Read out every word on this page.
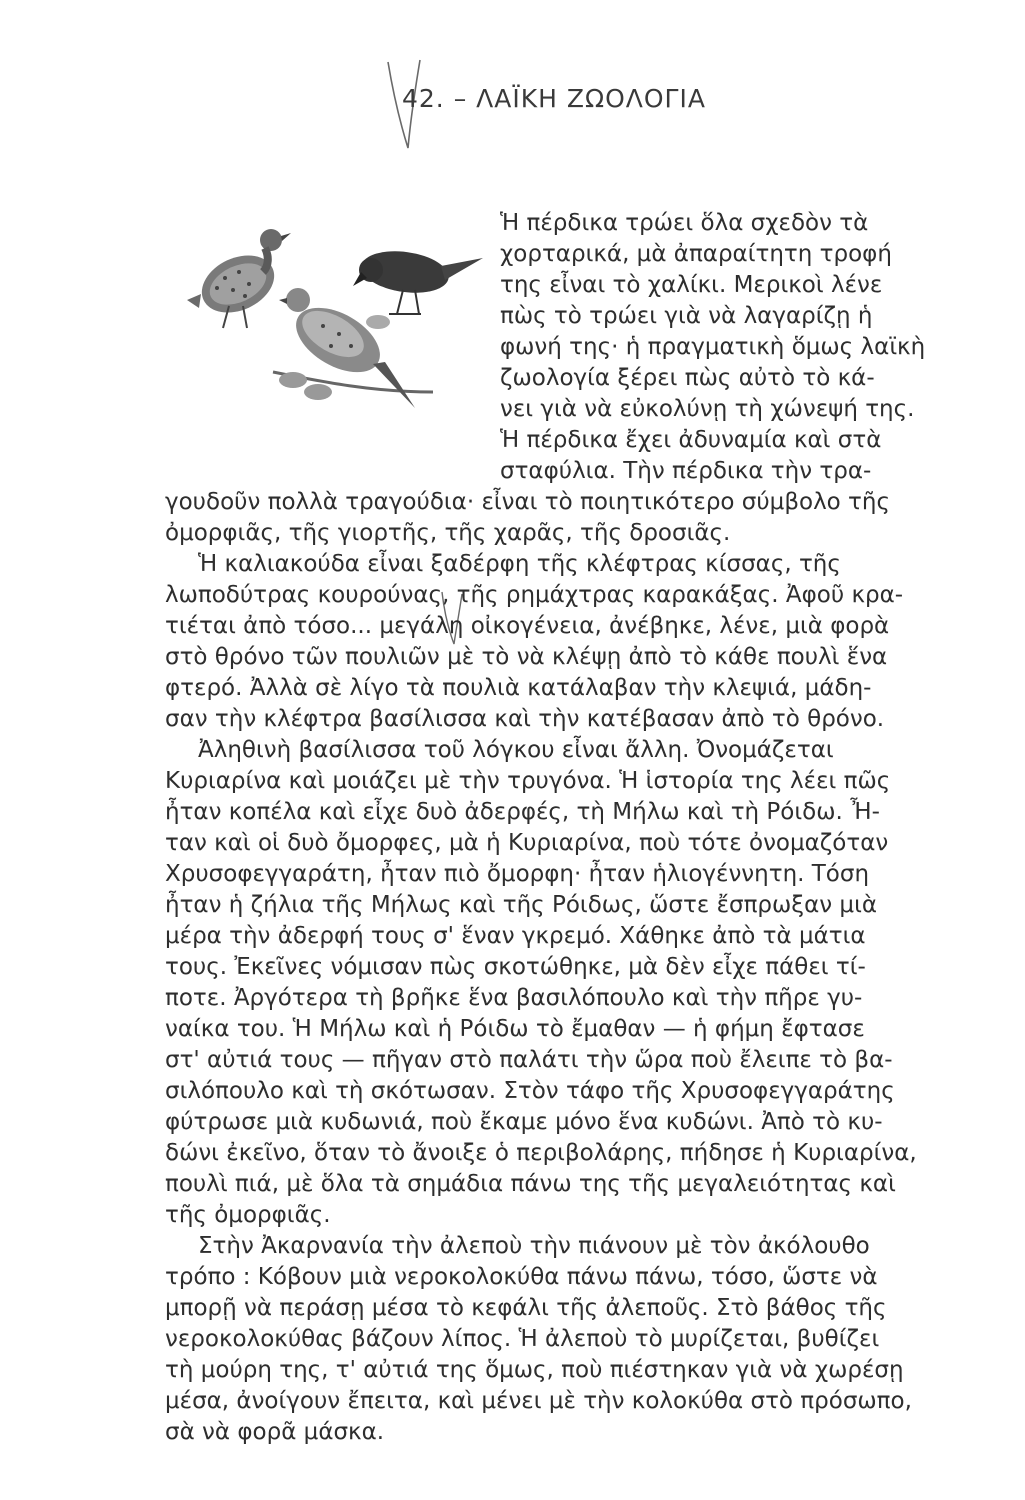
42. – ΛΑΪΚΗ ΖΩΟΛΟΓΙΑ
Ἡ πέρδικα τρώει ὅλα σχεδὸν τὰ
χορταρικά, μὰ ἀπαραίτητη τροφή
της εἶναι τὸ χαλίκι. Μερικοὶ λένε
πὼς τὸ τρώει γιὰ νὰ λαγαρίζῃ ἡ
φωνή της· ἡ πραγματικὴ ὅμως λαϊκὴ
ζωολογία ξέρει πὼς αὐτὸ τὸ κά-
νει γιὰ νὰ εὐκολύνῃ τὴ χώνεψή της.
Ἡ πέρδικα ἔχει ἀδυναμία καὶ στὰ
σταφύλια. Τὴν πέρδικα τὴν τρα-
γουδοῦν πολλὰ τραγούδια· εἶναι τὸ ποιητικότερο σύμβολο τῆς
ὀμορφιᾶς, τῆς γιορτῆς, τῆς χαρᾶς, τῆς δροσιᾶς.
Ἡ καλιακούδα εἶναι ξαδέρφη τῆς κλέφτρας κίσσας, τῆς
λωποδύτρας κουρούνας, τῆς ρημάχτρας καρακάξας. Ἀφοῦ κρα-
τιέται ἀπὸ τόσο... μεγάλη οἰκογένεια, ἀνέβηκε, λένε, μιὰ φορὰ
στὸ θρόνο τῶν πουλιῶν μὲ τὸ νὰ κλέψῃ ἀπὸ τὸ κάθε πουλὶ ἕνα
φτερό. Ἀλλὰ σὲ λίγο τὰ πουλιὰ κατάλαβαν τὴν κλεψιά, μάδη-
σαν τὴν κλέφτρα βασίλισσα καὶ τὴν κατέβασαν ἀπὸ τὸ θρόνο.
Ἀληθινὴ βασίλισσα τοῦ λόγκου εἶναι ἄλλη. Ὀνομάζεται
Κυριαρίνα καὶ μοιάζει μὲ τὴν τρυγόνα. Ἡ ἱστορία της λέει πῶς
ἦταν κοπέλα καὶ εἶχε δυὸ ἀδερφές, τὴ Μήλω καὶ τὴ Ρόιδω. Ἦ-
ταν καὶ οἱ δυὸ ὄμορφες, μὰ ἡ Κυριαρίνα, ποὺ τότε ὀνομαζόταν
Χρυσοφεγγαράτη, ἦταν πιὸ ὄμορφη· ἦταν ἡλιογέννητη. Τόση
ἦταν ἡ ζήλια τῆς Μήλως καὶ τῆς Ρόιδως, ὥστε ἔσπρωξαν μιὰ
μέρα τὴν ἀδερφή τους σ' ἕναν γκρεμό. Χάθηκε ἀπὸ τὰ μάτια
τους. Ἐκεῖνες νόμισαν πὼς σκοτώθηκε, μὰ δὲν εἶχε πάθει τί-
ποτε. Ἀργότερα τὴ βρῆκε ἕνα βασιλόπουλο καὶ τὴν πῆρε γυ-
ναίκα του. Ἡ Μήλω καὶ ἡ Ρόιδω τὸ ἔμαθαν — ἡ φήμη ἔφτασε
στ' αὐτιά τους — πῆγαν στὸ παλάτι τὴν ὥρα ποὺ ἔλειπε τὸ βα-
σιλόπουλο καὶ τὴ σκότωσαν. Στὸν τάφο τῆς Χρυσοφεγγαράτης
φύτρωσε μιὰ κυδωνιά, ποὺ ἔκαμε μόνο ἕνα κυδώνι. Ἀπὸ τὸ κυ-
δώνι ἐκεῖνο, ὅταν τὸ ἄνοιξε ὁ περιβολάρης, πήδησε ἡ Κυριαρίνα,
πουλὶ πιά, μὲ ὅλα τὰ σημάδια πάνω της τῆς μεγαλειότητας καὶ
τῆς ὀμορφιᾶς.
Στὴν Ἀκαρνανία τὴν ἀλεποὺ τὴν πιάνουν μὲ τὸν ἀκόλουθο
τρόπο : Κόβουν μιὰ νεροκολοκύθα πάνω πάνω, τόσο, ὥστε νὰ
μπορῇ νὰ περάσῃ μέσα τὸ κεφάλι τῆς ἀλεποῦς. Στὸ βάθος τῆς
νεροκολοκύθας βάζουν λίπος. Ἡ ἀλεποὺ τὸ μυρίζεται, βυθίζει
τὴ μούρη της, τ' αὐτιά της ὅμως, ποὺ πιέστηκαν γιὰ νὰ χωρέσῃ
μέσα, ἀνοίγουν ἔπειτα, καὶ μένει μὲ τὴν κολοκύθα στὸ πρόσωπο,
σὰ νὰ φορᾶ μάσκα.
